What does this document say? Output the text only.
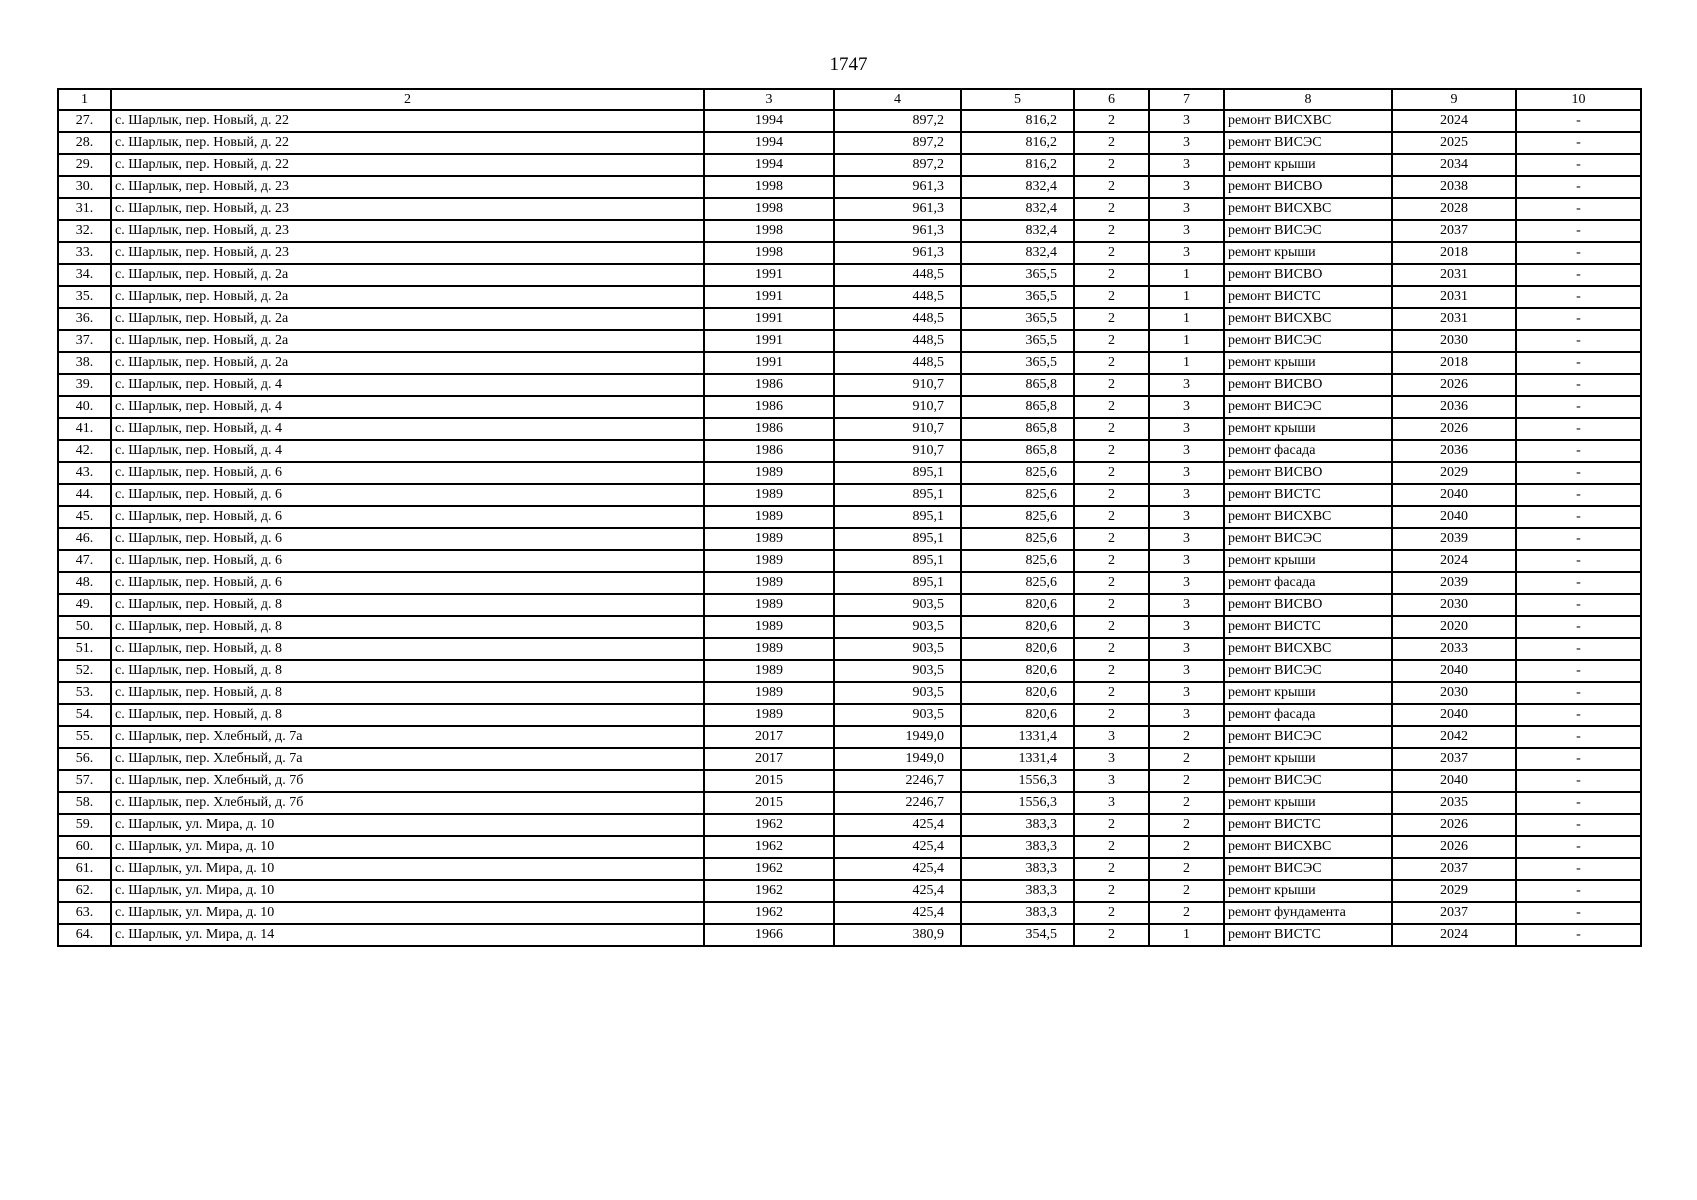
1747
1	2	3	4	5	6	7	8	9	10
27.	с. Шарлык, пер. Новый, д. 22	1994	897,2	816,2	2	3	ремонт ВИСХВС	2024	-
28.	с. Шарлык, пер. Новый, д. 22	1994	897,2	816,2	2	3	ремонт ВИСЭС	2025	-
29.	с. Шарлык, пер. Новый, д. 22	1994	897,2	816,2	2	3	ремонт крыши	2034	-
30.	с. Шарлык, пер. Новый, д. 23	1998	961,3	832,4	2	3	ремонт ВИСВО	2038	-
31.	с. Шарлык, пер. Новый, д. 23	1998	961,3	832,4	2	3	ремонт ВИСХВС	2028	-
32.	с. Шарлык, пер. Новый, д. 23	1998	961,3	832,4	2	3	ремонт ВИСЭС	2037	-
33.	с. Шарлык, пер. Новый, д. 23	1998	961,3	832,4	2	3	ремонт крыши	2018	-
34.	с. Шарлык, пер. Новый, д. 2а	1991	448,5	365,5	2	1	ремонт ВИСВО	2031	-
35.	с. Шарлык, пер. Новый, д. 2а	1991	448,5	365,5	2	1	ремонт ВИСТС	2031	-
36.	с. Шарлык, пер. Новый, д. 2а	1991	448,5	365,5	2	1	ремонт ВИСХВС	2031	-
37.	с. Шарлык, пер. Новый, д. 2а	1991	448,5	365,5	2	1	ремонт ВИСЭС	2030	-
38.	с. Шарлык, пер. Новый, д. 2а	1991	448,5	365,5	2	1	ремонт крыши	2018	-
39.	с. Шарлык, пер. Новый, д. 4	1986	910,7	865,8	2	3	ремонт ВИСВО	2026	-
40.	с. Шарлык, пер. Новый, д. 4	1986	910,7	865,8	2	3	ремонт ВИСЭС	2036	-
41.	с. Шарлык, пер. Новый, д. 4	1986	910,7	865,8	2	3	ремонт крыши	2026	-
42.	с. Шарлык, пер. Новый, д. 4	1986	910,7	865,8	2	3	ремонт фасада	2036	-
43.	с. Шарлык, пер. Новый, д. 6	1989	895,1	825,6	2	3	ремонт ВИСВО	2029	-
44.	с. Шарлык, пер. Новый, д. 6	1989	895,1	825,6	2	3	ремонт ВИСТС	2040	-
45.	с. Шарлык, пер. Новый, д. 6	1989	895,1	825,6	2	3	ремонт ВИСХВС	2040	-
46.	с. Шарлык, пер. Новый, д. 6	1989	895,1	825,6	2	3	ремонт ВИСЭС	2039	-
47.	с. Шарлык, пер. Новый, д. 6	1989	895,1	825,6	2	3	ремонт крыши	2024	-
48.	с. Шарлык, пер. Новый, д. 6	1989	895,1	825,6	2	3	ремонт фасада	2039	-
49.	с. Шарлык, пер. Новый, д. 8	1989	903,5	820,6	2	3	ремонт ВИСВО	2030	-
50.	с. Шарлык, пер. Новый, д. 8	1989	903,5	820,6	2	3	ремонт ВИСТС	2020	-
51.	с. Шарлык, пер. Новый, д. 8	1989	903,5	820,6	2	3	ремонт ВИСХВС	2033	-
52.	с. Шарлык, пер. Новый, д. 8	1989	903,5	820,6	2	3	ремонт ВИСЭС	2040	-
53.	с. Шарлык, пер. Новый, д. 8	1989	903,5	820,6	2	3	ремонт крыши	2030	-
54.	с. Шарлык, пер. Новый, д. 8	1989	903,5	820,6	2	3	ремонт фасада	2040	-
55.	с. Шарлык, пер. Хлебный, д. 7а	2017	1949,0	1331,4	3	2	ремонт ВИСЭС	2042	-
56.	с. Шарлык, пер. Хлебный, д. 7а	2017	1949,0	1331,4	3	2	ремонт крыши	2037	-
57.	с. Шарлык, пер. Хлебный, д. 7б	2015	2246,7	1556,3	3	2	ремонт ВИСЭС	2040	-
58.	с. Шарлык, пер. Хлебный, д. 7б	2015	2246,7	1556,3	3	2	ремонт крыши	2035	-
59.	с. Шарлык, ул. Мира, д. 10	1962	425,4	383,3	2	2	ремонт ВИСТС	2026	-
60.	с. Шарлык, ул. Мира, д. 10	1962	425,4	383,3	2	2	ремонт ВИСХВС	2026	-
61.	с. Шарлык, ул. Мира, д. 10	1962	425,4	383,3	2	2	ремонт ВИСЭС	2037	-
62.	с. Шарлык, ул. Мира, д. 10	1962	425,4	383,3	2	2	ремонт крыши	2029	-
63.	с. Шарлык, ул. Мира, д. 10	1962	425,4	383,3	2	2	ремонт фундамента	2037	-
64.	с. Шарлык, ул. Мира, д. 14	1966	380,9	354,5	2	1	ремонт ВИСТС	2024	-
